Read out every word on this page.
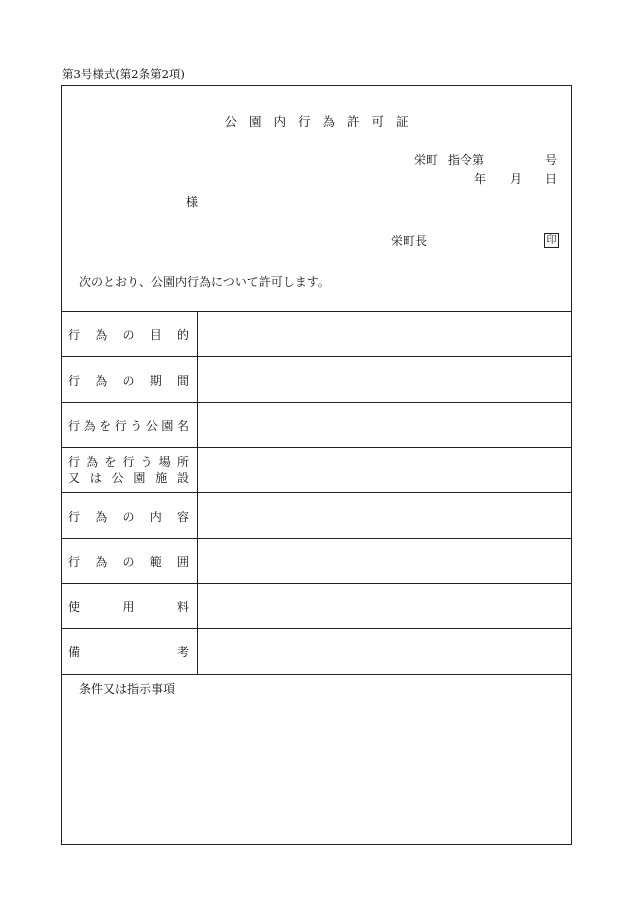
第3号様式(第2条第2項)
公 園 内 行 為 許 可 証
栄町 指令第	号
年 月 日
様
栄町長	印
次のとおり、公園内行為について許可します。
行 為 の 目 的
行 為 の 期 間
行 為 を 行 う 公 園 名
行 為 を 行 う 場 所
又 は 公 園 施 設
行 為 の 内 容
行 為 の 範 囲
使	用	料
備	考
条件又は指示事項
